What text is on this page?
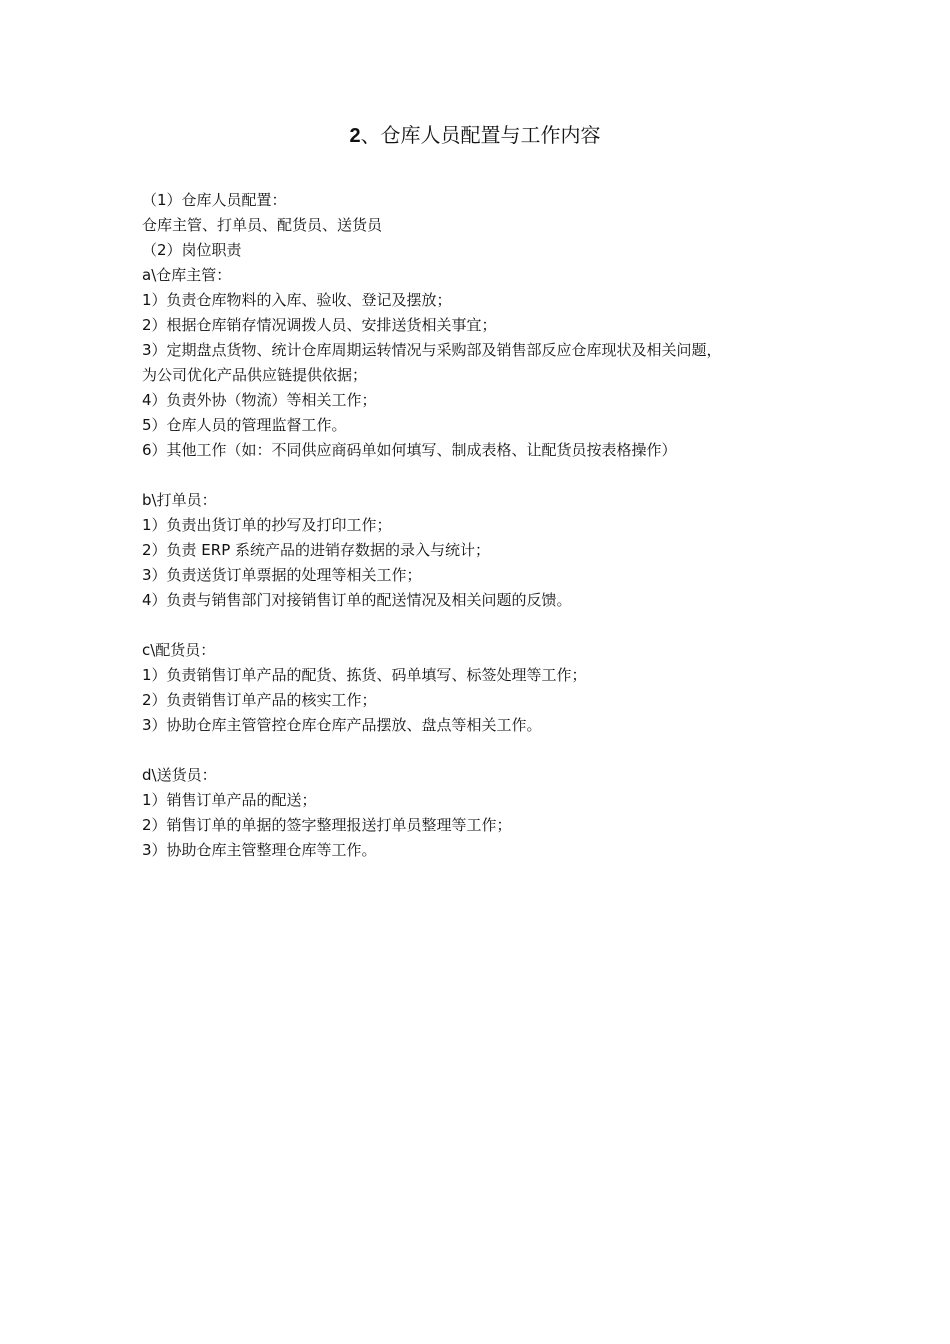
2、仓库人员配置与工作内容
（1）仓库人员配置：
仓库主管、打单员、配货员、送货员
（2）岗位职责
a\仓库主管：
1）负责仓库物料的入库、验收、登记及摆放；
2）根据仓库销存情况调拨人员、安排送货相关事宜；
3）定期盘点货物、统计仓库周期运转情况与采购部及销售部反应仓库现状及相关问题，
为公司优化产品供应链提供依据；
4）负责外协（物流）等相关工作；
5）仓库人员的管理监督工作。
6）其他工作（如：不同供应商码单如何填写、制成表格、让配货员按表格操作）
b\打单员：
1）负责出货订单的抄写及打印工作；
2）负责 ERP 系统产品的进销存数据的录入与统计；
3）负责送货订单票据的处理等相关工作；
4）负责与销售部门对接销售订单的配送情况及相关问题的反馈。
c\配货员：
1）负责销售订单产品的配货、拣货、码单填写、标签处理等工作；
2）负责销售订单产品的核实工作；
3）协助仓库主管管控仓库仓库产品摆放、盘点等相关工作。
d\送货员：
1）销售订单产品的配送；
2）销售订单的单据的签字整理报送打单员整理等工作；
3）协助仓库主管整理仓库等工作。
